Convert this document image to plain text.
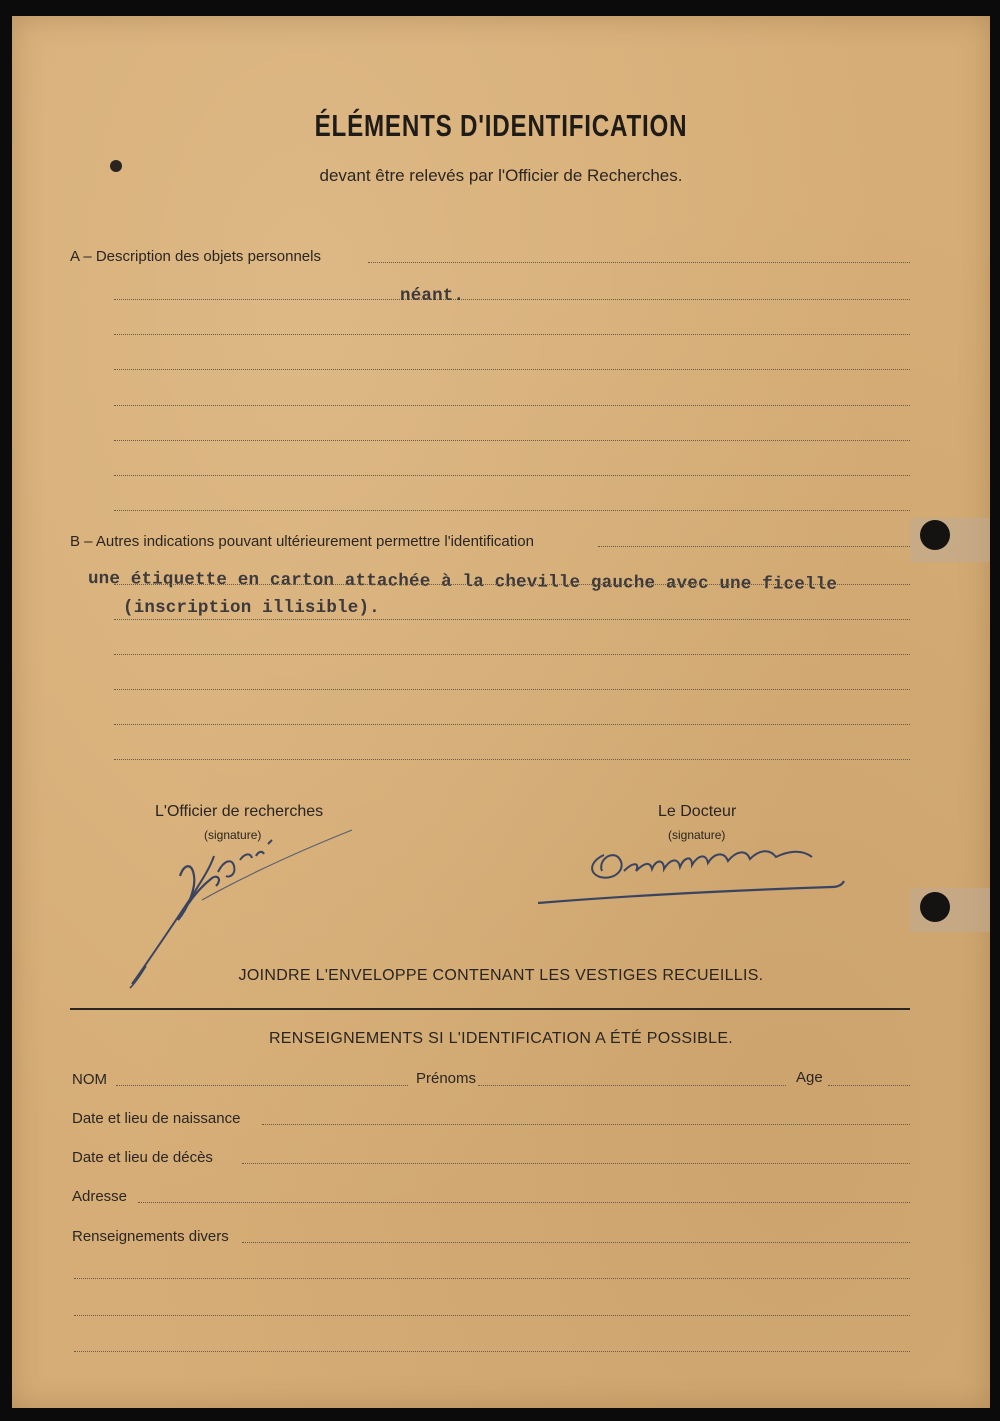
ÉLÉMENTS D'IDENTIFICATION
devant être relevés par l'Officier de Recherches.
A – Description des objets personnels
néant.
B – Autres indications pouvant ultérieurement permettre l'identification
une étiquette en carton attachée à la cheville gauche avec une ficelle
(inscription illisible).
L'Officier de recherches
(signature)
Le Docteur
(signature)
JOINDRE L'ENVELOPPE CONTENANT LES VESTIGES RECUEILLIS.
RENSEIGNEMENTS SI L'IDENTIFICATION A ÉTÉ POSSIBLE.
NOM	Prénoms	Age
Date et lieu de naissance
Date et lieu de décès
Adresse
Renseignements divers
